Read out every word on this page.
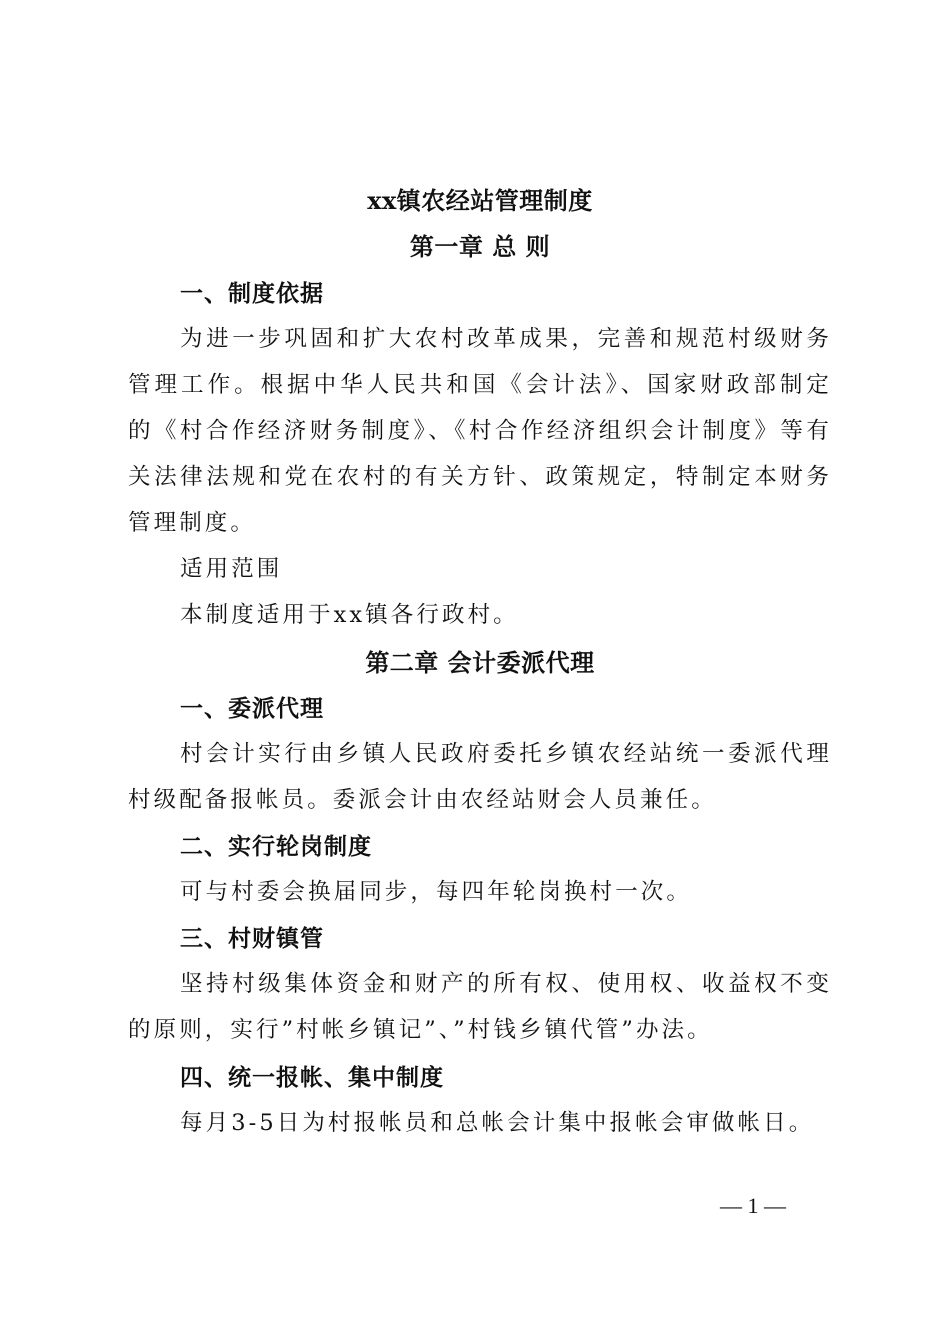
xx镇农经站管理制度
第一章 总 则
一、制度依据

为进一步巩固和扩大农村改革成果，完善和规范村级财务管理工作。根据中华人民共和国《会计法》、国家财政部制定的《村合作经济财务制度》、《村合作经济组织会计制度》等有关法律法规和党在农村的有关方针、政策规定，特制定本财务管理制度。

适用范围

本制度适用于xx镇各行政村。

第二章 会计委派代理
一、委派代理

村会计实行由乡镇人民政府委托乡镇农经站统一委派代理村级配备报帐员。委派会计由农经站财会人员兼任。

二、实行轮岗制度

可与村委会换届同步，每四年轮岗换村一次。

三、村财镇管

坚持村级集体资金和财产的所有权、使用权、收益权不变的原则，实行”村帐乡镇记”、”村钱乡镇代管”办法。

四、统一报帐、集中制度

每月3-5日为村报帐员和总帐会计集中报帐会审做帐日。

— 1 —
